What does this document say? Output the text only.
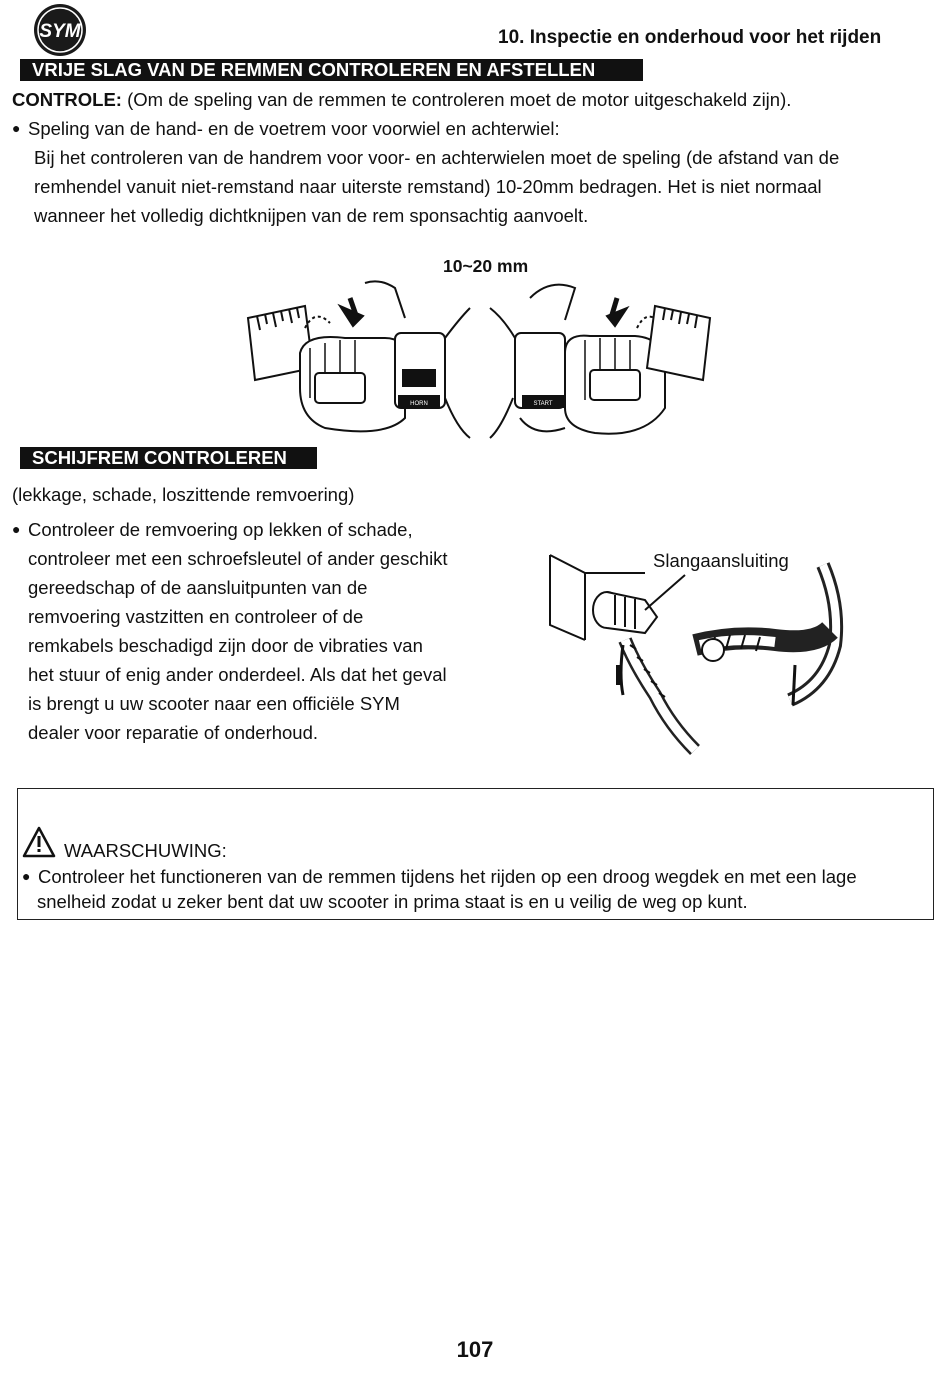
SYM	10. Inspectie en onderhoud voor het rijden
VRIJE SLAG VAN DE REMMEN CONTROLEREN EN AFSTELLEN
CONTROLE: (Om de speling van de remmen te controleren moet de motor uitgeschakeld zijn).
● Speling van de hand- en de voetrem voor voorwiel en achterwiel:
Bij het controleren van de handrem voor voor- en achterwielen moet de speling (de afstand van de
remhendel vanuit niet-remstand naar uiterste remstand) 10-20mm bedragen. Het is niet normaal
wanneer het volledig dichtknijpen van de rem sponsachtig aanvoelt.
10~20 mm
HORN	START
SCHIJFREM CONTROLEREN
(lekkage, schade, loszittende remvoering)
● Controleer de remvoering op lekken of schade,
controleer met een schroefsleutel of ander geschikt
gereedschap of de aansluitpunten van de
remvoering vastzitten en controleer of de
remkabels beschadigd zijn door de vibraties van
het stuur of enig ander onderdeel. Als dat het geval
is brengt u uw scooter naar een officiële SYM
dealer voor reparatie of onderhoud.
Slangaansluiting
WAARSCHUWING:
● Controleer het functioneren van de remmen tijdens het rijden op een droog wegdek en met een lage
snelheid zodat u zeker bent dat uw scooter in prima staat is en u veilig de weg op kunt.
107
